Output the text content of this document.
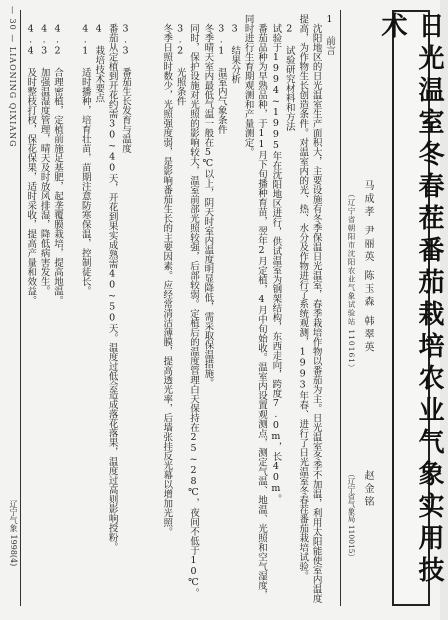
日光温室冬春茬番茄栽培农业气象实用技术
马成孝 尹丽英 陈玉森 韩翠英
（辽宁省朝阳市沈阳农业气象试验站 110161）
赵金铭
（辽宁省气象局 110015）
1 前言
　沈阳地区的日光温室生产面积大，主要设施有冬季保温日光温室，春季栽培作物以番茄为主。日光温室冬季不加温，利用太阳能使室内温度提高，为作物生长创造条件。对温室内的光、热、水分及作物进行了系统观测，1993年春、进行了日光温室冬春茬番茄栽培试验。
　2 试验研究材料和方法
　试验于1994~1995年在沈阳地区进行，供试温室为钢架结构，东西走向，跨度7.0m，长40m。
　番茄品种为早熟品种，于11月下旬播种育苗，翌年2月定植，4月中旬始收。温室内设置观测点，测定气温、地温、光照和空气湿度，同时进行生育期观测和产量测定。
　3 结果分析
　3.1 温室内气象条件
　冬季晴天室内最低气温一般在5℃以上，阴天时室内温度明显降低，需采取保温措施。
　同时，保护设施对光照的影响较大，温室前部光照较强，后部较弱。定植后的温度管理白天保持在25~28℃，夜间不低于10℃。
　3.2 光照条件
　冬季日照时数少，光照强度弱，是影响番茄生长的主要因素。应经常清洁薄膜，提高透光率，后墙张挂反光幕以增加光照。
　3.3 番茄生长发育与温度
　番茄从定植到开花约需30~40天，开花到果实成熟需40~50天。温度过低会造成落花落果，温度过高则影响授粉。
　4 栽培技术要点
　4.1 适时播种，培育壮苗，苗期注意防寒保温，控制徒长。
　4.2 合理密植，定植前施足基肥，起垄覆膜栽培，提高地温。
　4.3 加强温湿度管理，晴天及时放风排湿，降低病害发生。
　4.4 及时整枝打杈，保花保果，适时采收，提高产量和效益。
— 30 — LIAONING QIXIANG
辽宁气象 1998(4)
